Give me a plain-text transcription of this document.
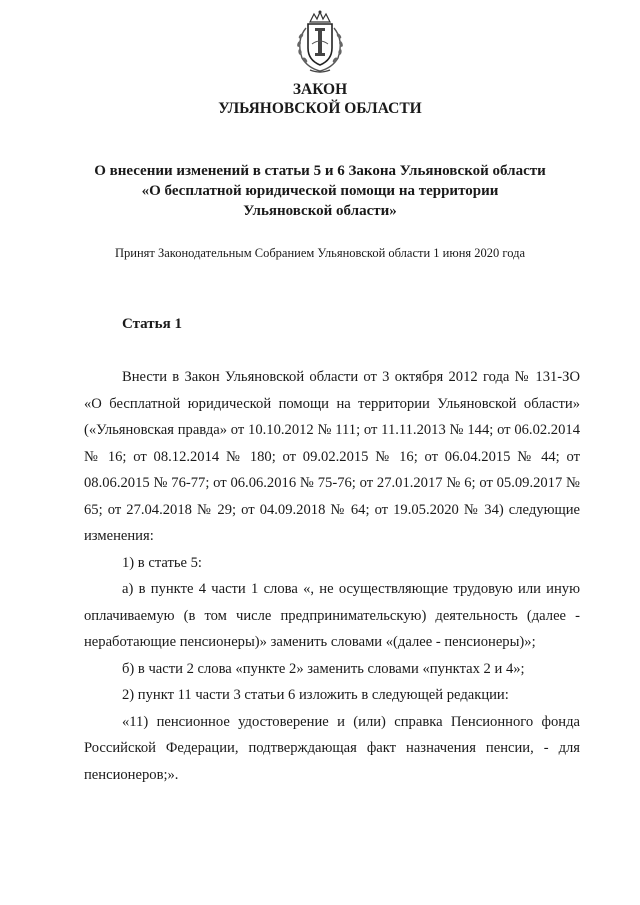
ЗАКОН
УЛЬЯНОВСКОЙ ОБЛАСТИ
О внесении изменений в статьи 5 и 6 Закона Ульяновской области
«О бесплатной юридической помощи на территории
Ульяновской области»
Принят Законодательным Собранием Ульяновской области 1 июня 2020 года
Статья 1

Внести в Закон Ульяновской области от 3 октября 2012 года № 131-ЗО «О бесплатной юридической помощи на территории Ульяновской области» («Ульяновская правда» от 10.10.2012 № 111; от 11.11.2013 № 144; от 06.02.2014 № 16; от 08.12.2014 № 180; от 09.02.2015 № 16; от 06.04.2015 № 44; от 08.06.2015 № 76-77; от 06.06.2016 № 75-76; от 27.01.2017 № 6; от 05.09.2017 № 65; от 27.04.2018 № 29; от 04.09.2018 № 64; от 19.05.2020 № 34) следующие изменения:

1) в статье 5:

а) в пункте 4 части 1 слова «, не осуществляющие трудовую или иную оплачиваемую (в том числе предпринимательскую) деятельность (далее - неработающие пенсионеры)» заменить словами «(далее - пенсионеры)»;

б) в части 2 слова «пункте 2» заменить словами «пунктах 2 и 4»;

2) пункт 11 части 3 статьи 6 изложить в следующей редакции:

«11) пенсионное удостоверение и (или) справка Пенсионного фонда Российской Федерации, подтверждающая факт назначения пенсии, - для пенсионеров;».
